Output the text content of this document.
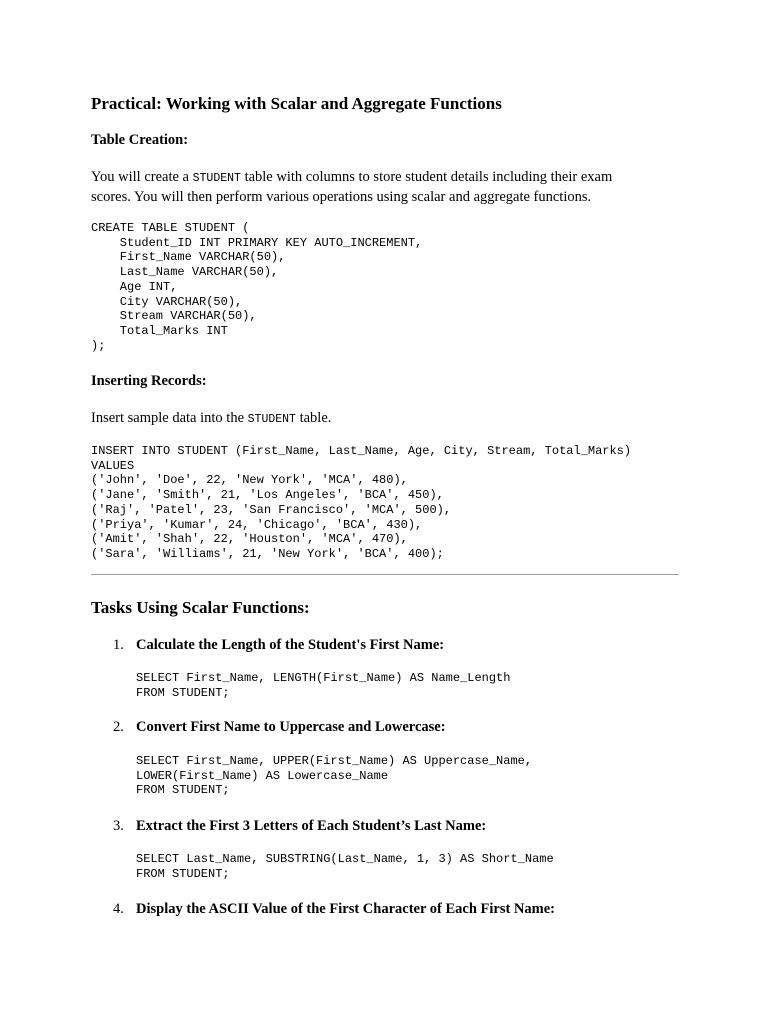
Practical: Working with Scalar and Aggregate Functions
Table Creation:

You will create a STUDENT table with columns to store student details including their exam scores. You will then perform various operations using scalar and aggregate functions.

CREATE TABLE STUDENT (
Student_ID INT PRIMARY KEY AUTO_INCREMENT,
First_Name VARCHAR(50),
Last_Name VARCHAR(50),
Age INT,
City VARCHAR(50),
Stream VARCHAR(50),
Total_Marks INT
);
Inserting Records:

Insert sample data into the STUDENT table.

INSERT INTO STUDENT (First_Name, Last_Name, Age, City, Stream, Total_Marks)
VALUES
('John', 'Doe', 22, 'New York', 'MCA', 480),
('Jane', 'Smith', 21, 'Los Angeles', 'BCA', 450),
('Raj', 'Patel', 23, 'San Francisco', 'MCA', 500),
('Priya', 'Kumar', 24, 'Chicago', 'BCA', 430),
('Amit', 'Shah', 22, 'Houston', 'MCA', 470),
('Sara', 'Williams', 21, 'New York', 'BCA', 400);
Tasks Using Scalar Functions:
1. Calculate the Length of the Student's First Name:
SELECT First_Name, LENGTH(First_Name) AS Name_Length
FROM STUDENT;
2. Convert First Name to Uppercase and Lowercase:
SELECT First_Name, UPPER(First_Name) AS Uppercase_Name,
LOWER(First_Name) AS Lowercase_Name
FROM STUDENT;
3. Extract the First 3 Letters of Each Student’s Last Name:
SELECT Last_Name, SUBSTRING(Last_Name, 1, 3) AS Short_Name
FROM STUDENT;
4. Display the ASCII Value of the First Character of Each First Name:
